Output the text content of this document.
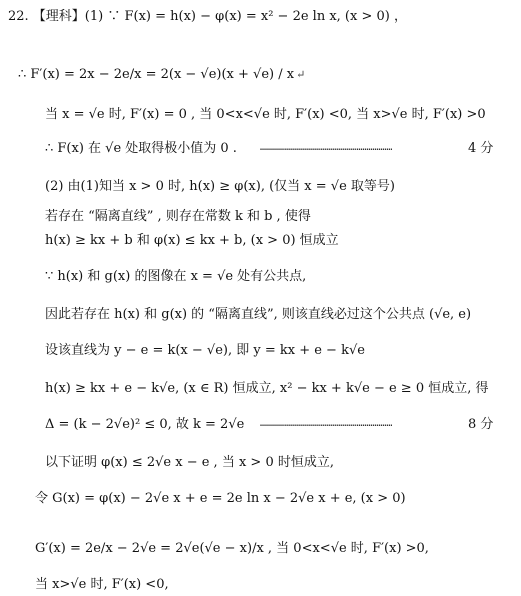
22. 【理科】(1) ∵ F(x) = h(x) − φ(x) = x² − 2e ln x, (x > 0) ，
∴ F′(x) = 2x − 2e/x = 2(x − √e)(x + √e) / x ↵
当 x = √e 时, F′(x) = 0 , 当 0<x<√e 时, F′(x) <0, 当 x>√e 时, F′(x) >0
∴ F(x) 在 √e 处取得极小值为 0 .	…………………………………………………………	4 分
(2) 由(1)知当 x > 0 时, h(x) ≥ φ(x), (仅当 x = √e 取等号)
若存在 “隔离直线” , 则存在常数 k 和 b , 使得
h(x) ≥ kx + b 和 φ(x) ≤ kx + b, (x > 0) 恒成立
∵ h(x) 和 g(x) 的图像在 x = √e 处有公共点,
因此若存在 h(x) 和 g(x) 的 “隔离直线”, 则该直线必过这个公共点 (√e, e)
设该直线为 y − e = k(x − √e), 即 y = kx + e − k√e
h(x) ≥ kx + e − k√e, (x ∈ R) 恒成立, x² − kx + k√e − e ≥ 0 恒成立, 得
Δ = (k − 2√e)² ≤ 0, 故 k = 2√e	…………………………………………………………	8 分
以下证明 φ(x) ≤ 2√e x − e , 当 x > 0 时恒成立,
令 G(x) = φ(x) − 2√e x + e = 2e ln x − 2√e x + e, (x > 0)
G′(x) = 2e/x − 2√e = 2√e(√e − x)/x , 当 0<x<√e 时, F′(x) >0,
当 x>√e 时, F′(x) <0,
